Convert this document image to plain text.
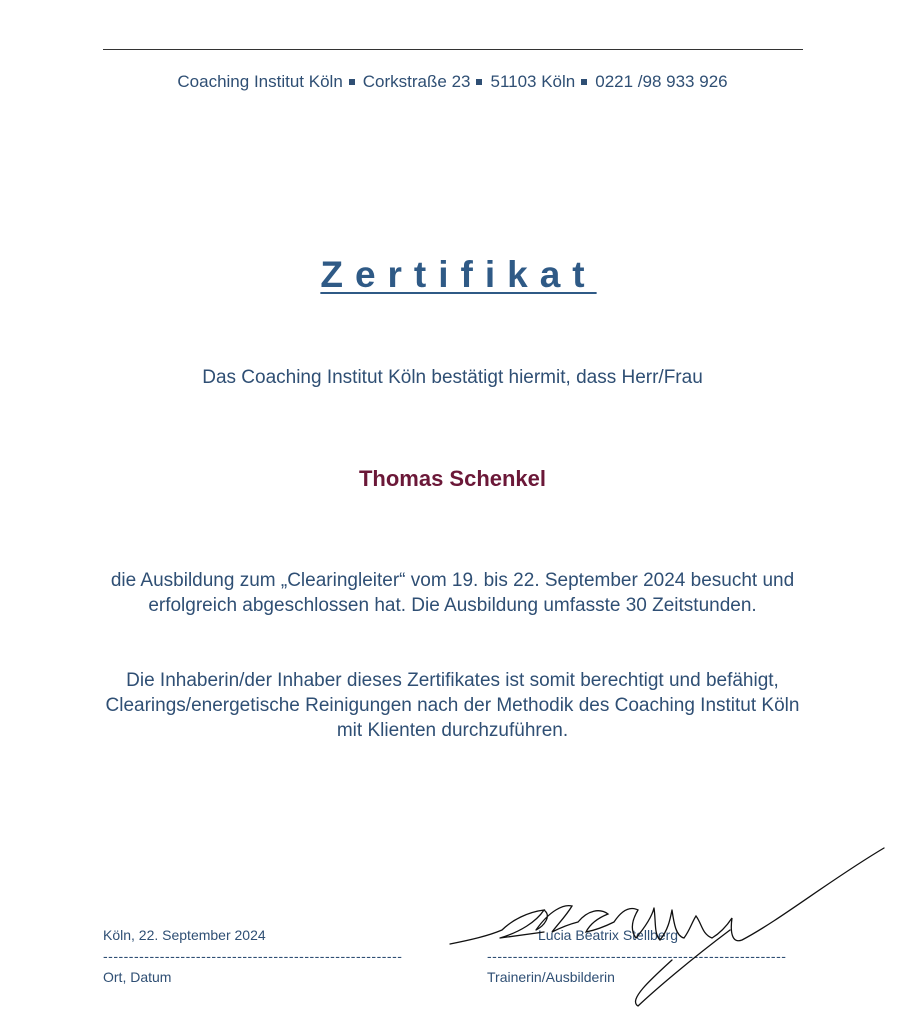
Coaching Institut Köln Corkstraße 23 51103 Köln 0221 /98 933 926
Zertifikat
Das Coaching Institut Köln bestätigt hiermit, dass Herr/Frau
Thomas Schenkel
die Ausbildung zum „Clearingleiter“ vom 19. bis 22. September 2024 besucht und erfolgreich abgeschlossen hat. Die Ausbildung umfasste 30 Zeitstunden.
Die Inhaberin/der Inhaber dieses Zertifikates ist somit berechtigt und befähigt, Clearings/energetische Reinigungen nach der Methodik des Coaching Institut Köln mit Klienten durchzuführen.
Köln, 22. September 2024
----------------------------------------------------------
Ort, Datum
Lucia Beatrix Stellberg
----------------------------------------------------------
Trainerin/Ausbilderin
